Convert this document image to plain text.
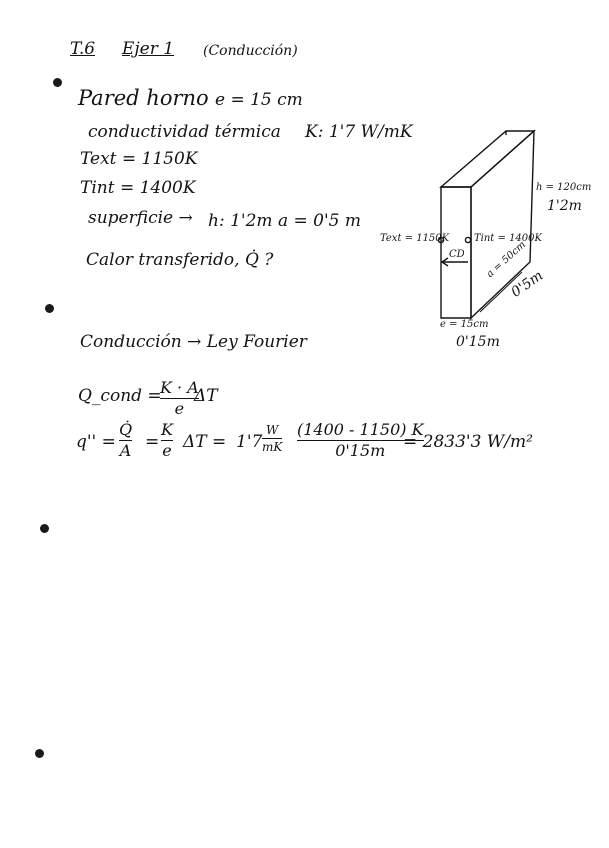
T.6 Ejer 1 (Conducción)
Pared horno e = 15 cm
conductividad térmica K: 1'7 W/mK
Text = 1150K
Tint = 1400K
superficie → h: 1'2m a = 0'5 m
Calor transferido, Q̇ ?
h = 120cm
1'2m
Text = 1150K Tint = 1400K
CD a = 50cm
0'5m
e = 15cm
0'15m
Conducción → Ley Fourier
Q_cond =
K · A
e
ΔT
q'' =
Q̇
A =
K
e ΔT = 1'7
W
mK
(1400 - 1150) K
0'15m = 2833'3 W/m²
